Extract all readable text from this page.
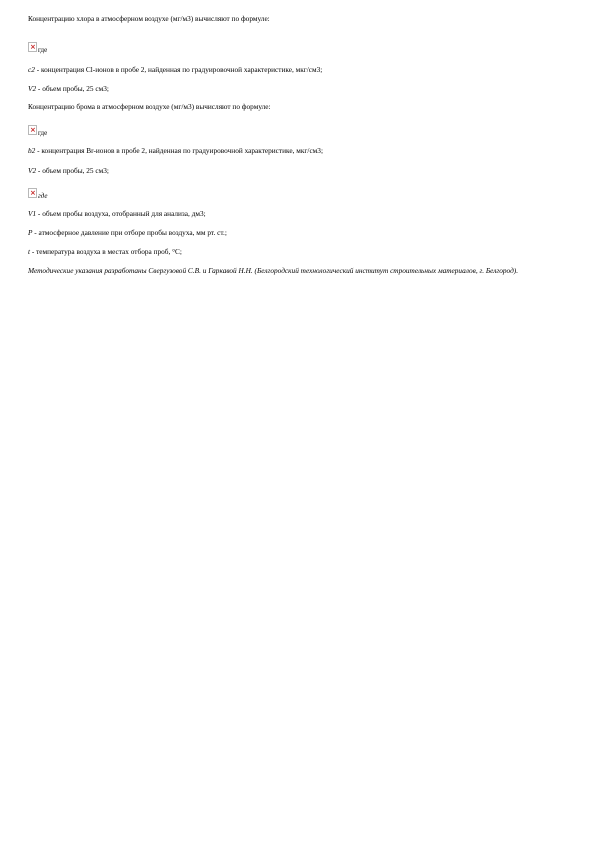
Концентрацию хлора в атмосферном воздухе (мг/м3) вычисляют по формуле:

× где

c2 - концентрация Cl-ионов в пробе 2, найденная по градуировочной характеристике, мкг/см3;

V2 - объем пробы, 25 см3;

Концентрацию брома в атмосферном воздухе (мг/м3) вычисляют по формуле:

× где

b2 - концентрация Br-ионов в пробе 2, найденная по градуировочной характеристике, мкг/см3;

V2 - объем пробы, 25 см3;

× где

V1 - объем пробы воздуха, отобранный для анализа, дм3;

P - атмосферное давление при отборе пробы воздуха, мм рт. ст.;

t - температура воздуха в местах отбора проб, °С;

Методические указания разработаны Свергузовой С.В. и Гаркавой Н.Н. (Белгородский технологический институт строительных материалов, г. Белгород).
